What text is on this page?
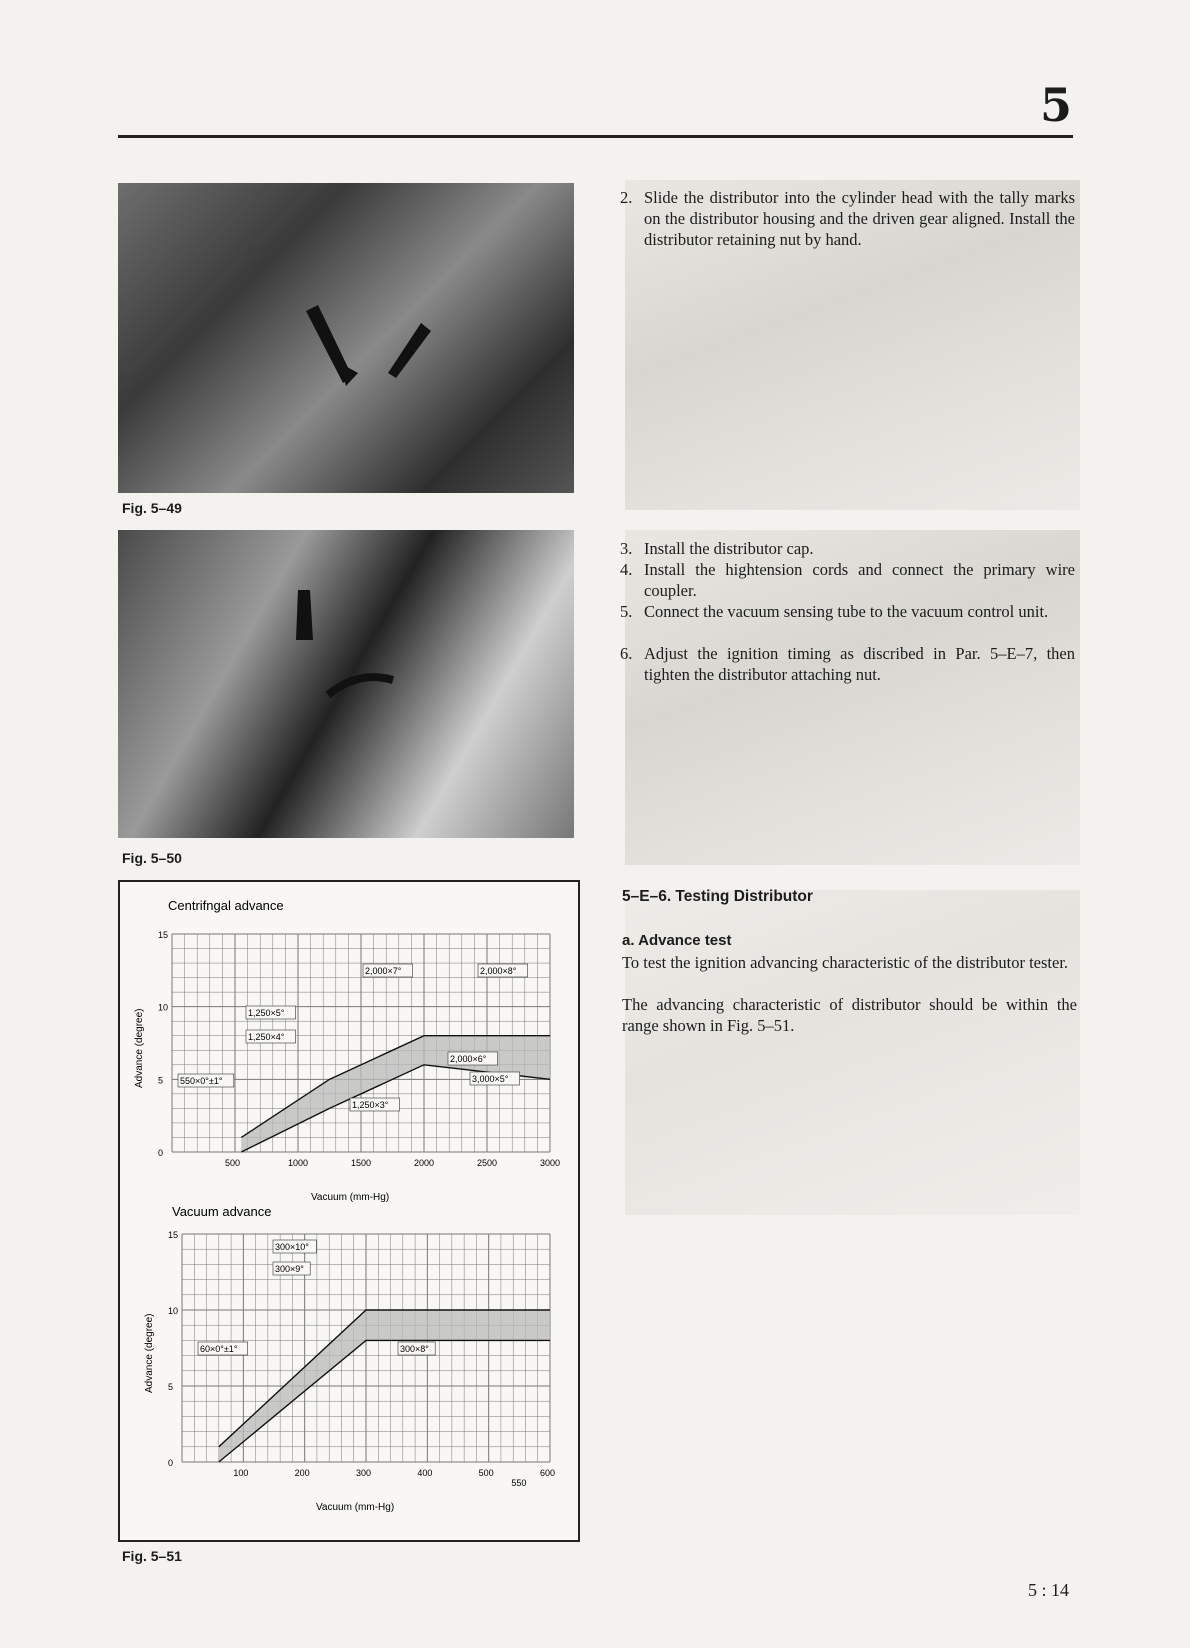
5
Fig. 5–49
Fig. 5–50
2. Slide the distributor into the cylinder head with the tally marks on the distributor housing and the driven gear aligned. Install the distributor retaining nut by hand.
3. Install the distributor cap.
4. Install the hightension cords and connect the primary wire coupler.
5. Connect the vacuum sensing tube to the vacuum control unit.
6. Adjust the ignition timing as discribed in Par. 5–E–7, then tighten the distributor attaching nut.
5–E–6. Testing Distributor
a. Advance test
To test the ignition advancing characteristic of the distributor tester.
The advancing characteristic of distributor should be within the range shown in Fig. 5–51.
Centrifngal advance
500	1000	1500	2000	2500	3000
0
5
10
15
Vacuum (mm-Hg)
Advance (degree)
2,000×7°	2,000×8°
1,250×5°
1,250×4°
2,000×6°
550×0°±1°	3,000×5°
1,250×3°
Vacuum advance
100	200	300	400	500	600
0
5
10
15
550
Vacuum (mm-Hg)
Advance (degree)
300×10°
300×9°
60×0°±1°	300×8°
Fig. 5–51
5 : 14
